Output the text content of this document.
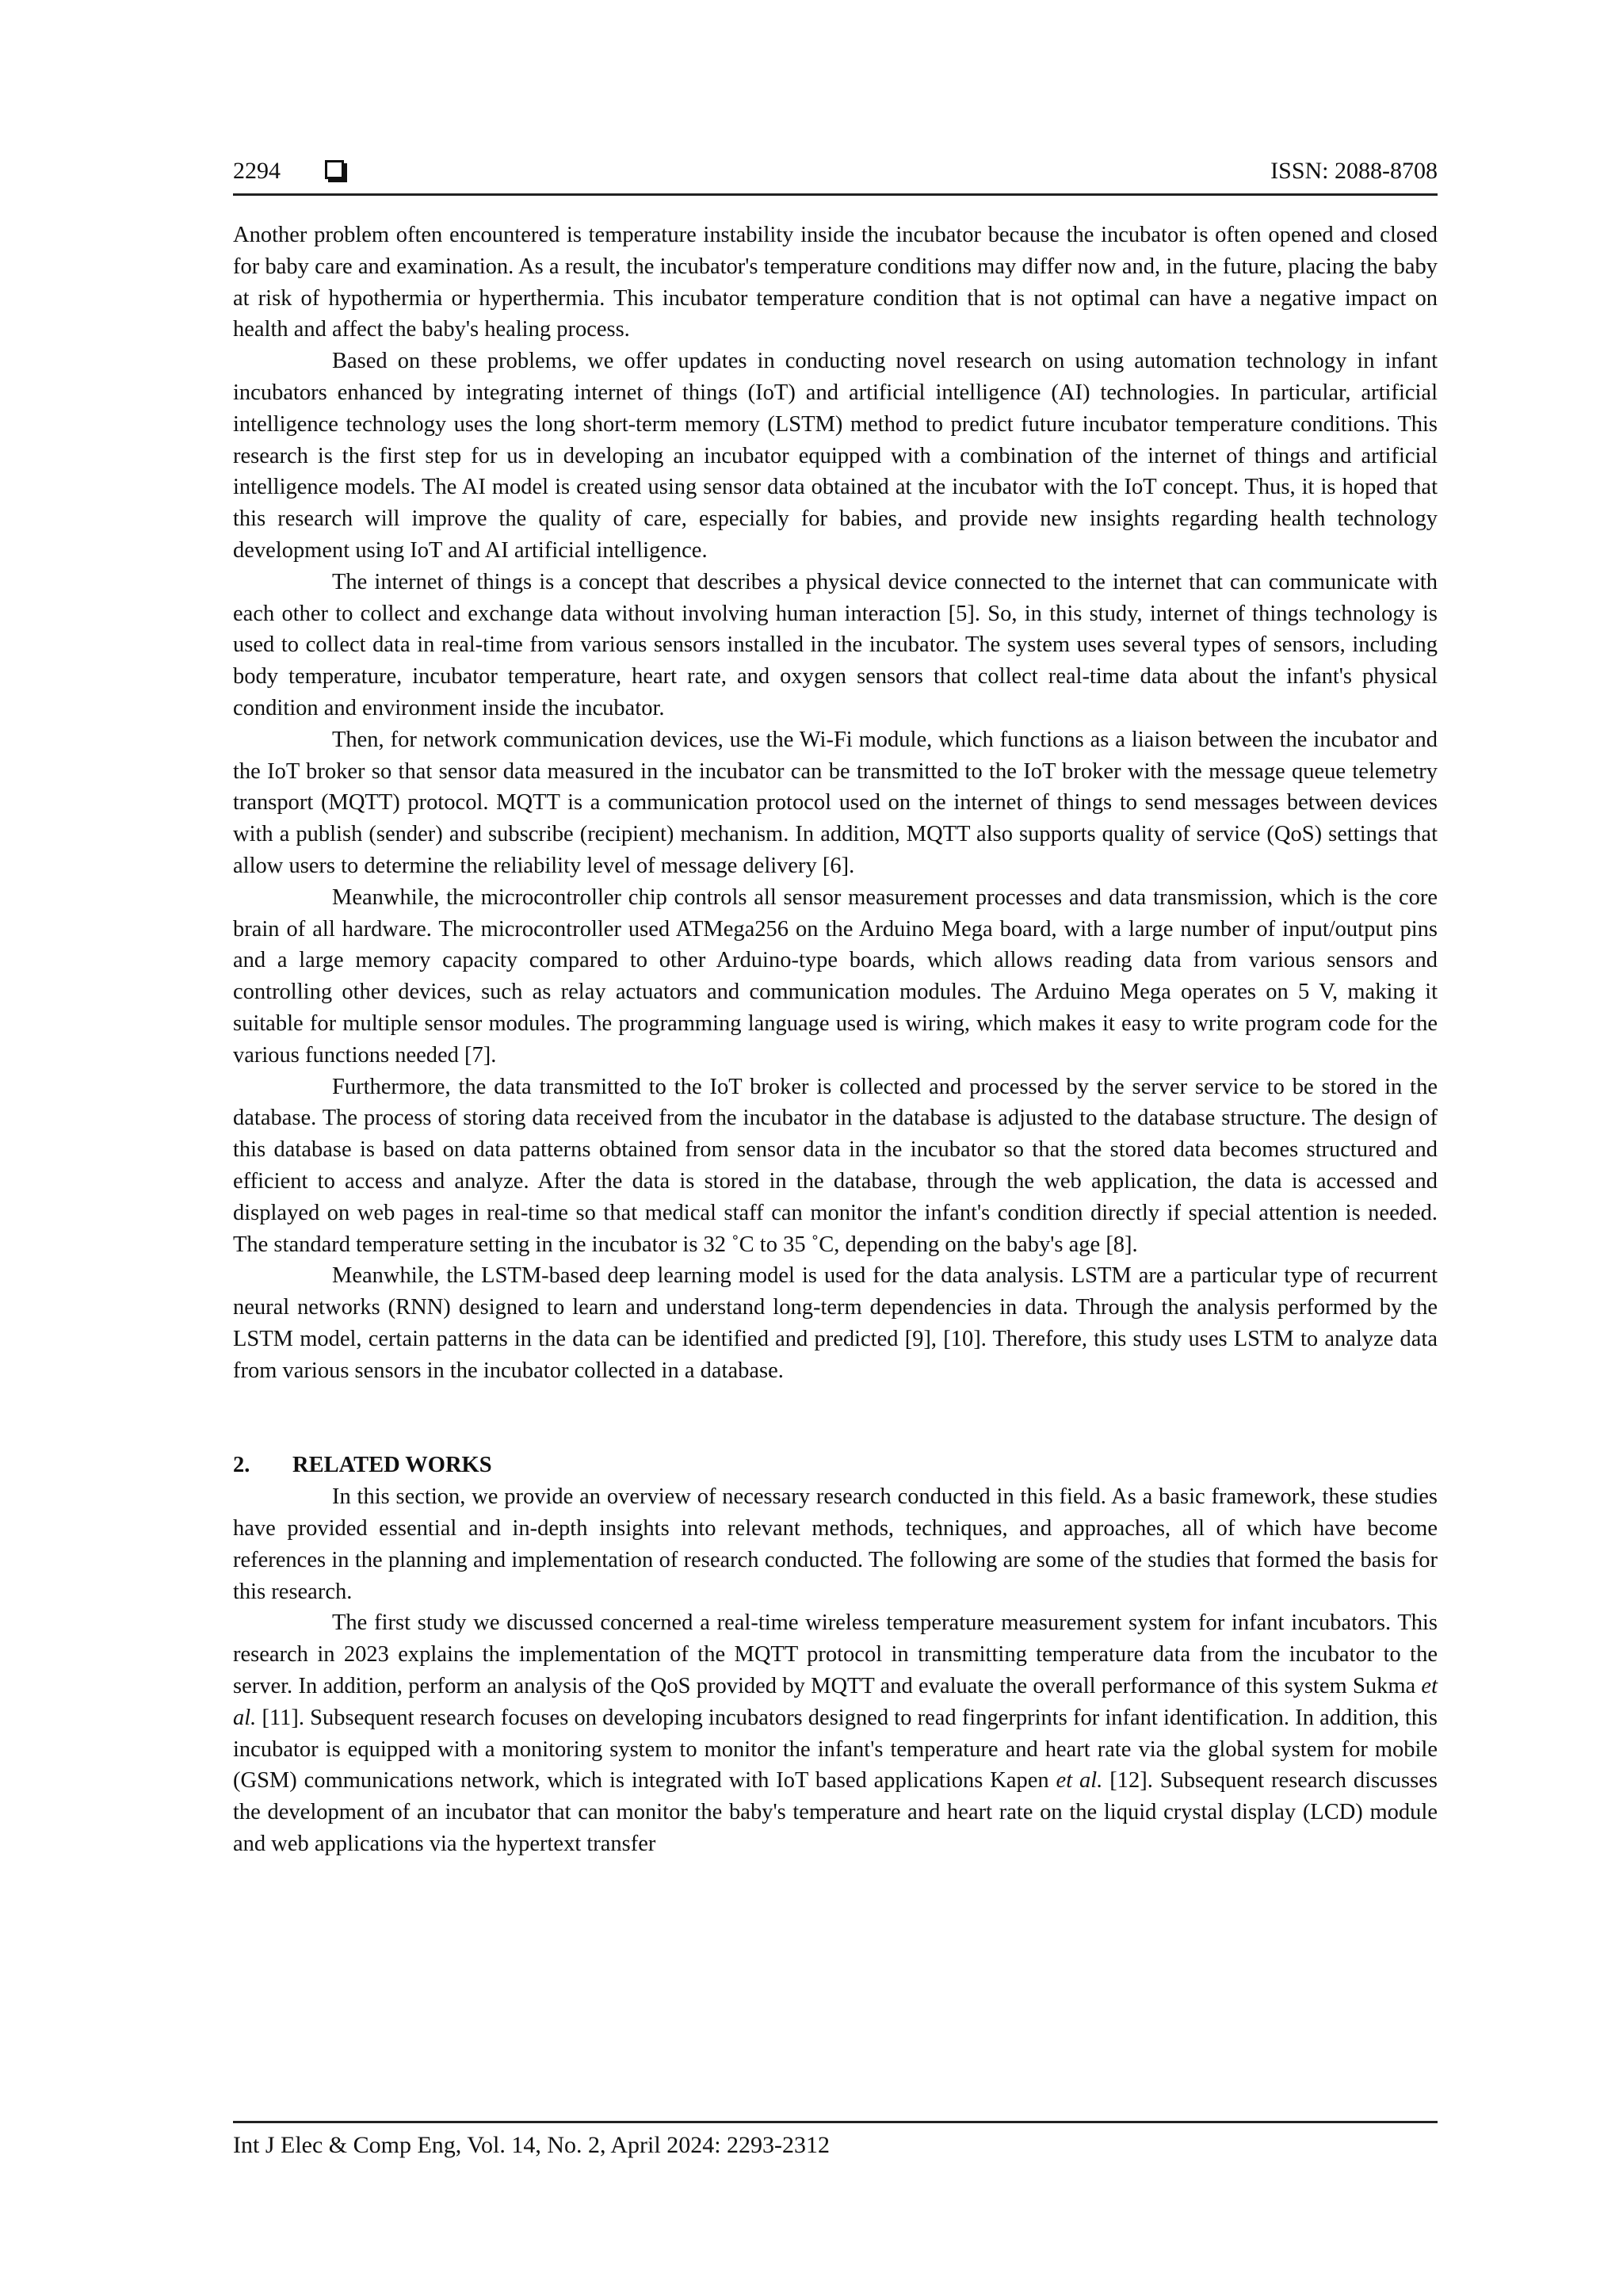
2294	ISSN: 2088-8708

Another problem often encountered is temperature instability inside the incubator because the incubator is often opened and closed for baby care and examination. As a result, the incubator's temperature conditions may differ now and, in the future, placing the baby at risk of hypothermia or hyperthermia. This incubator temperature condition that is not optimal can have a negative impact on health and affect the baby's healing process.

Based on these problems, we offer updates in conducting novel research on using automation technology in infant incubators enhanced by integrating internet of things (IoT) and artificial intelligence (AI) technologies. In particular, artificial intelligence technology uses the long short-term memory (LSTM) method to predict future incubator temperature conditions. This research is the first step for us in developing an incubator equipped with a combination of the internet of things and artificial intelligence models. The AI model is created using sensor data obtained at the incubator with the IoT concept. Thus, it is hoped that this research will improve the quality of care, especially for babies, and provide new insights regarding health technology development using IoT and AI artificial intelligence.

The internet of things is a concept that describes a physical device connected to the internet that can communicate with each other to collect and exchange data without involving human interaction [5]. So, in this study, internet of things technology is used to collect data in real-time from various sensors installed in the incubator. The system uses several types of sensors, including body temperature, incubator temperature, heart rate, and oxygen sensors that collect real-time data about the infant's physical condition and environment inside the incubator.

Then, for network communication devices, use the Wi-Fi module, which functions as a liaison between the incubator and the IoT broker so that sensor data measured in the incubator can be transmitted to the IoT broker with the message queue telemetry transport (MQTT) protocol. MQTT is a communication protocol used on the internet of things to send messages between devices with a publish (sender) and subscribe (recipient) mechanism. In addition, MQTT also supports quality of service (QoS) settings that allow users to determine the reliability level of message delivery [6].

Meanwhile, the microcontroller chip controls all sensor measurement processes and data transmission, which is the core brain of all hardware. The microcontroller used ATMega256 on the Arduino Mega board, with a large number of input/output pins and a large memory capacity compared to other Arduino-type boards, which allows reading data from various sensors and controlling other devices, such as relay actuators and communication modules. The Arduino Mega operates on 5 V, making it suitable for multiple sensor modules. The programming language used is wiring, which makes it easy to write program code for the various functions needed [7].

Furthermore, the data transmitted to the IoT broker is collected and processed by the server service to be stored in the database. The process of storing data received from the incubator in the database is adjusted to the database structure. The design of this database is based on data patterns obtained from sensor data in the incubator so that the stored data becomes structured and efficient to access and analyze. After the data is stored in the database, through the web application, the data is accessed and displayed on web pages in real-time so that medical staff can monitor the infant's condition directly if special attention is needed. The standard temperature setting in the incubator is 32 ˚C to 35 ˚C, depending on the baby's age [8].

Meanwhile, the LSTM-based deep learning model is used for the data analysis. LSTM are a particular type of recurrent neural networks (RNN) designed to learn and understand long-term dependencies in data. Through the analysis performed by the LSTM model, certain patterns in the data can be identified and predicted [9], [10]. Therefore, this study uses LSTM to analyze data from various sensors in the incubator collected in a database.

2. RELATED WORKS

In this section, we provide an overview of necessary research conducted in this field. As a basic framework, these studies have provided essential and in-depth insights into relevant methods, techniques, and approaches, all of which have become references in the planning and implementation of research conducted. The following are some of the studies that formed the basis for this research.

The first study we discussed concerned a real-time wireless temperature measurement system for infant incubators. This research in 2023 explains the implementation of the MQTT protocol in transmitting temperature data from the incubator to the server. In addition, perform an analysis of the QoS provided by MQTT and evaluate the overall performance of this system Sukma et al. [11]. Subsequent research focuses on developing incubators designed to read fingerprints for infant identification. In addition, this incubator is equipped with a monitoring system to monitor the infant's temperature and heart rate via the global system for mobile (GSM) communications network, which is integrated with IoT based applications Kapen et al. [12]. Subsequent research discusses the development of an incubator that can monitor the baby's temperature and heart rate on the liquid crystal display (LCD) module and web applications via the hypertext transfer

Int J Elec & Comp Eng, Vol. 14, No. 2, April 2024: 2293-2312
